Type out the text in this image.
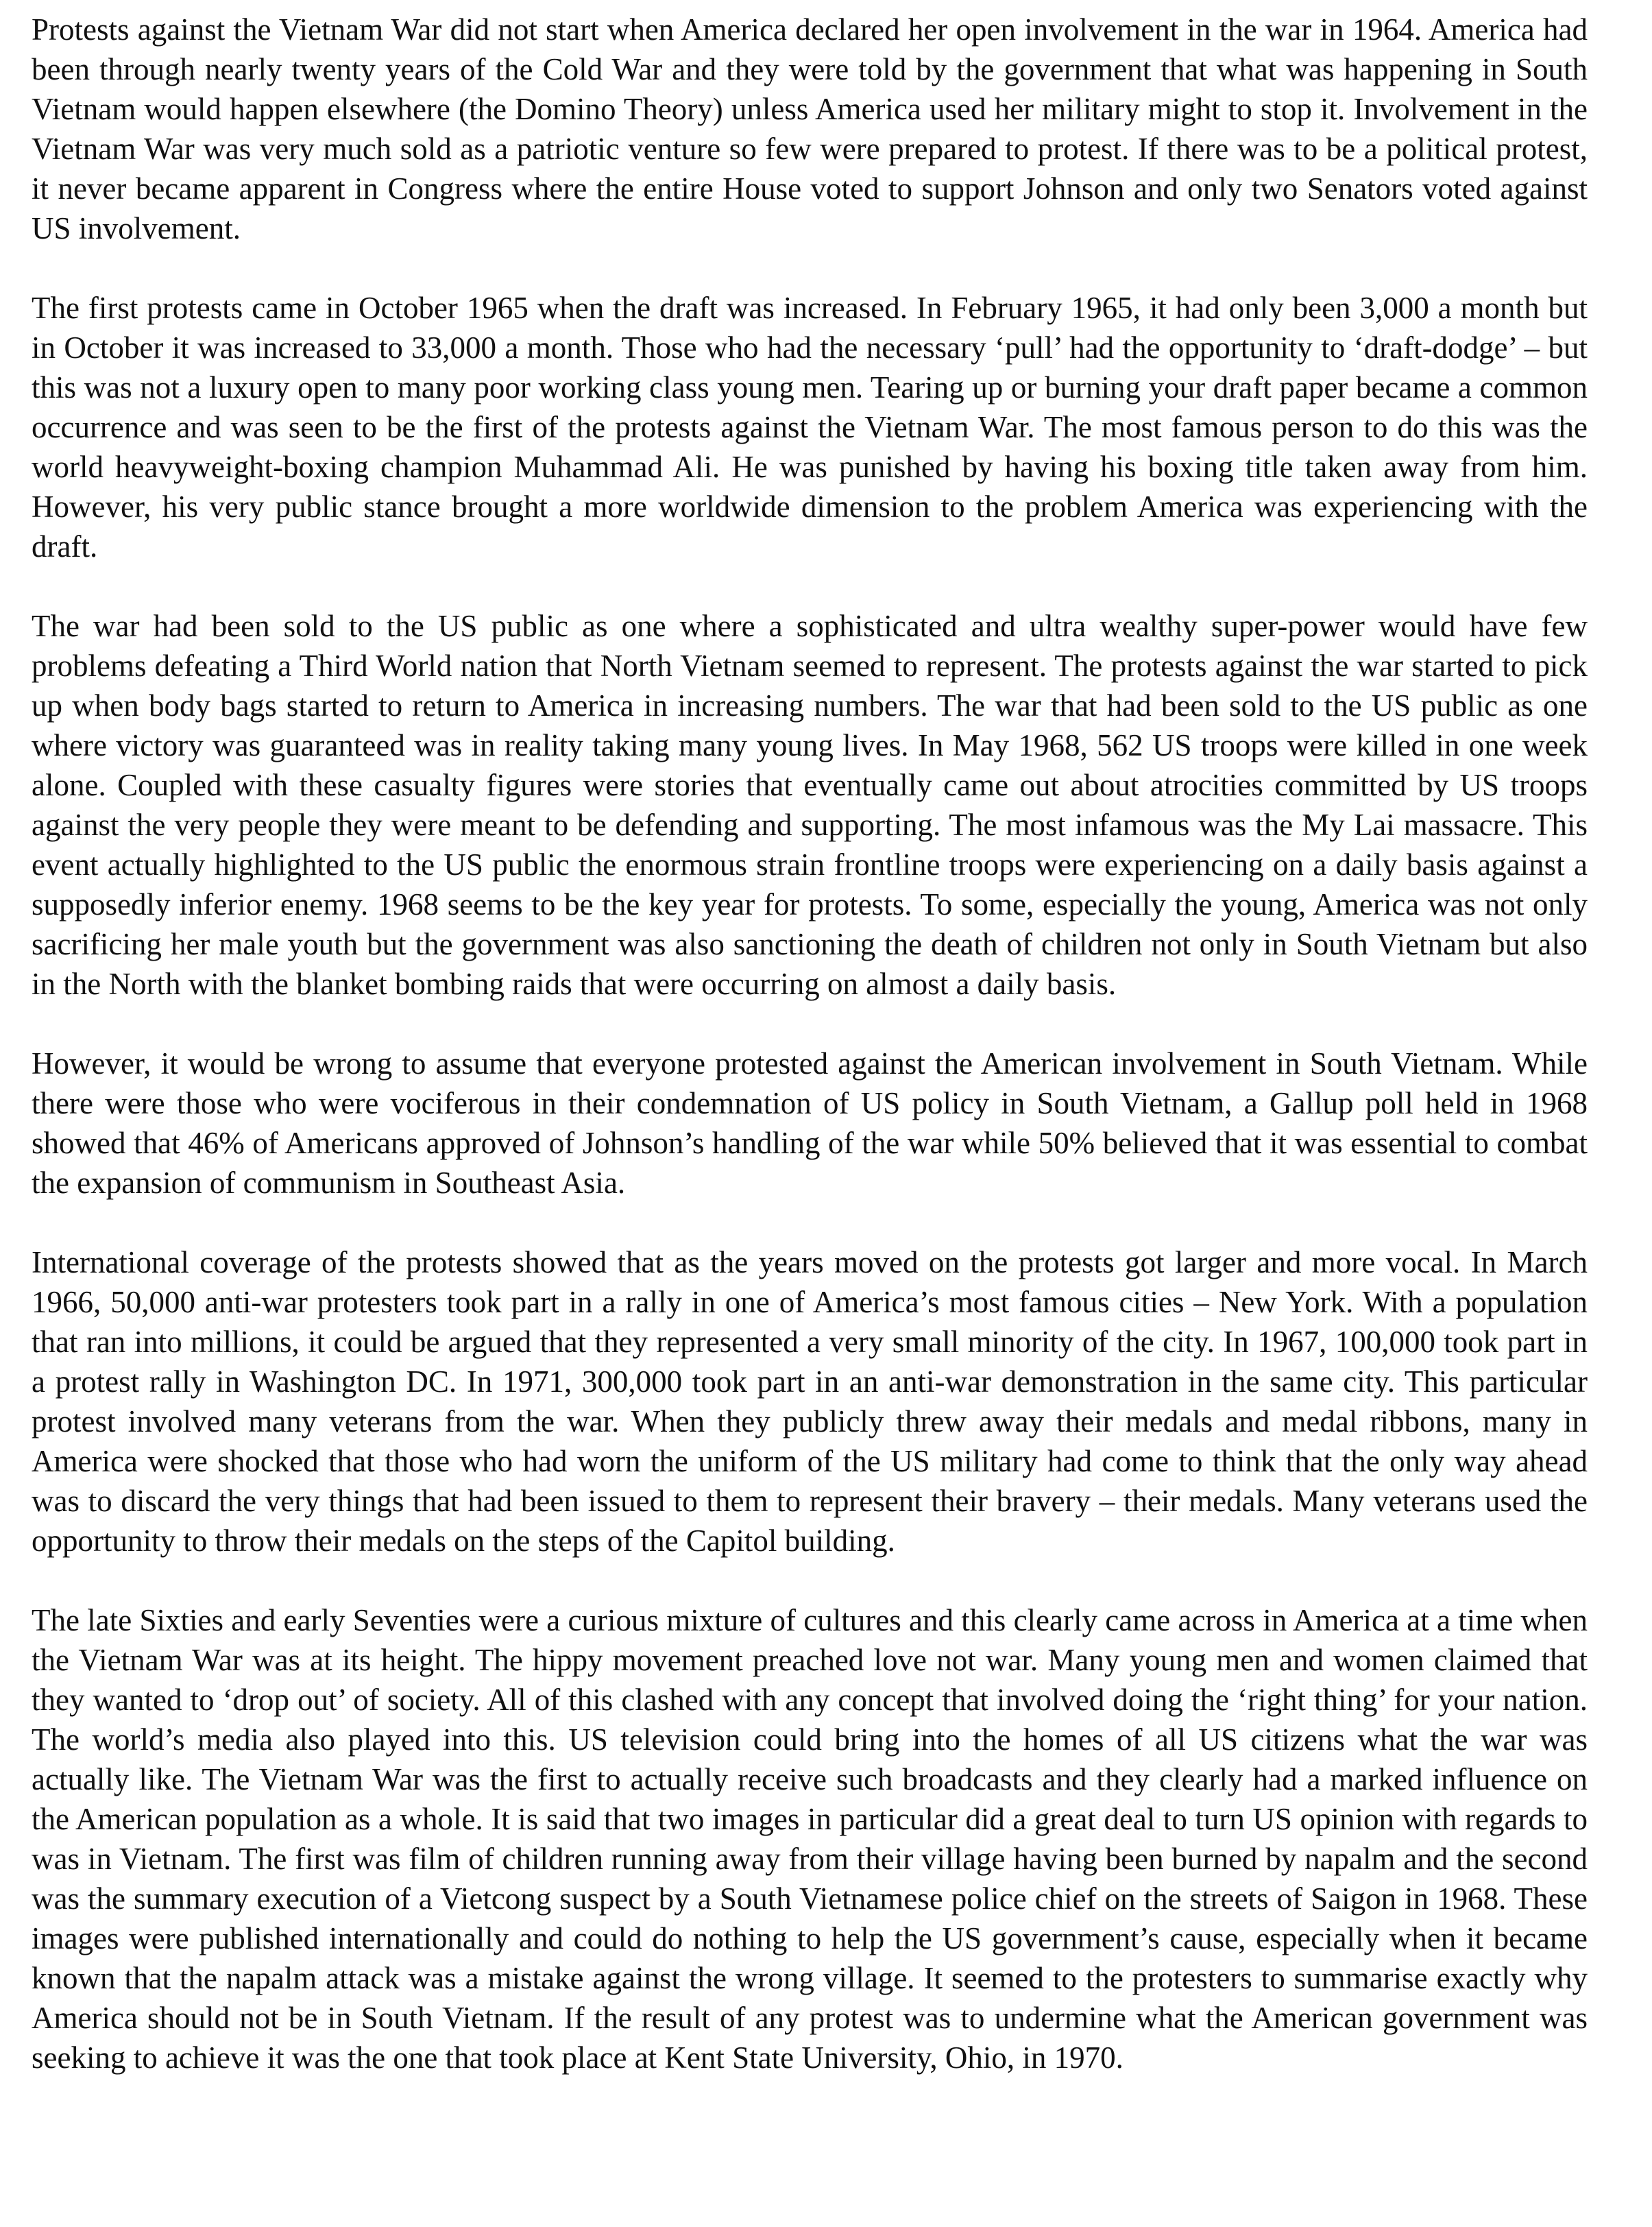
Protests against the Vietnam War did not start when America declared her open involvement in the war in 1964. America had been through nearly twenty years of the Cold War and they were told by the government that what was happening in South Vietnam would happen elsewhere (the Domino Theory) unless America used her military might to stop it. Involvement in the Vietnam War was very much sold as a patriotic venture so few were prepared to protest. If there was to be a political protest, it never became apparent in Congress where the entire House voted to support Johnson and only two Senators voted against US involvement.

The first protests came in October 1965 when the draft was increased. In February 1965, it had only been 3,000 a month but in October it was increased to 33,000 a month. Those who had the necessary ‘pull’ had the opportunity to ‘draft-dodge’ – but this was not a luxury open to many poor working class young men. Tearing up or burning your draft paper became a common occurrence and was seen to be the first of the protests against the Vietnam War. The most famous person to do this was the world heavyweight-boxing champion Muhammad Ali. He was punished by having his boxing title taken away from him. However, his very public stance brought a more worldwide dimension to the problem America was experiencing with the draft.

The war had been sold to the US public as one where a sophisticated and ultra wealthy super-power would have few problems defeating a Third World nation that North Vietnam seemed to represent. The protests against the war started to pick up when body bags started to return to America in increasing numbers. The war that had been sold to the US public as one where victory was guaranteed was in reality taking many young lives. In May 1968, 562 US troops were killed in one week alone. Coupled with these casualty figures were stories that eventually came out about atrocities committed by US troops against the very people they were meant to be defending and supporting. The most infamous was the My Lai massacre. This event actually highlighted to the US public the enormous strain frontline troops were experiencing on a daily basis against a supposedly inferior enemy. 1968 seems to be the key year for protests. To some, especially the young, America was not only sacrificing her male youth but the government was also sanctioning the death of children not only in South Vietnam but also in the North with the blanket bombing raids that were occurring on almost a daily basis.

However, it would be wrong to assume that everyone protested against the American involvement in South Vietnam. While there were those who were vociferous in their condemnation of US policy in South Vietnam, a Gallup poll held in 1968 showed that 46% of Americans approved of Johnson’s handling of the war while 50% believed that it was essential to combat the expansion of communism in Southeast Asia.

International coverage of the protests showed that as the years moved on the protests got larger and more vocal. In March 1966, 50,000 anti-war protesters took part in a rally in one of America’s most famous cities – New York. With a population that ran into millions, it could be argued that they represented a very small minority of the city. In 1967, 100,000 took part in a protest rally in Washington DC. In 1971, 300,000 took part in an anti-war demonstration in the same city. This particular protest involved many veterans from the war. When they publicly threw away their medals and medal ribbons, many in America were shocked that those who had worn the uniform of the US military had come to think that the only way ahead was to discard the very things that had been issued to them to represent their bravery – their medals. Many veterans used the opportunity to throw their medals on the steps of the Capitol building.

The late Sixties and early Seventies were a curious mixture of cultures and this clearly came across in America at a time when the Vietnam War was at its height. The hippy movement preached love not war. Many young men and women claimed that they wanted to ‘drop out’ of society. All of this clashed with any concept that involved doing the ‘right thing’ for your nation. The world’s media also played into this. US television could bring into the homes of all US citizens what the war was actually like. The Vietnam War was the first to actually receive such broadcasts and they clearly had a marked influence on the American population as a whole. It is said that two images in particular did a great deal to turn US opinion with regards to was in Vietnam. The first was film of children running away from their village having been burned by napalm and the second was the summary execution of a Vietcong suspect by a South Vietnamese police chief on the streets of Saigon in 1968. These images were published internationally and could do nothing to help the US government’s cause, especially when it became known that the napalm attack was a mistake against the wrong village. It seemed to the protesters to summarise exactly why America should not be in South Vietnam. If the result of any protest was to undermine what the American government was seeking to achieve it was the one that took place at Kent State University, Ohio, in 1970.
